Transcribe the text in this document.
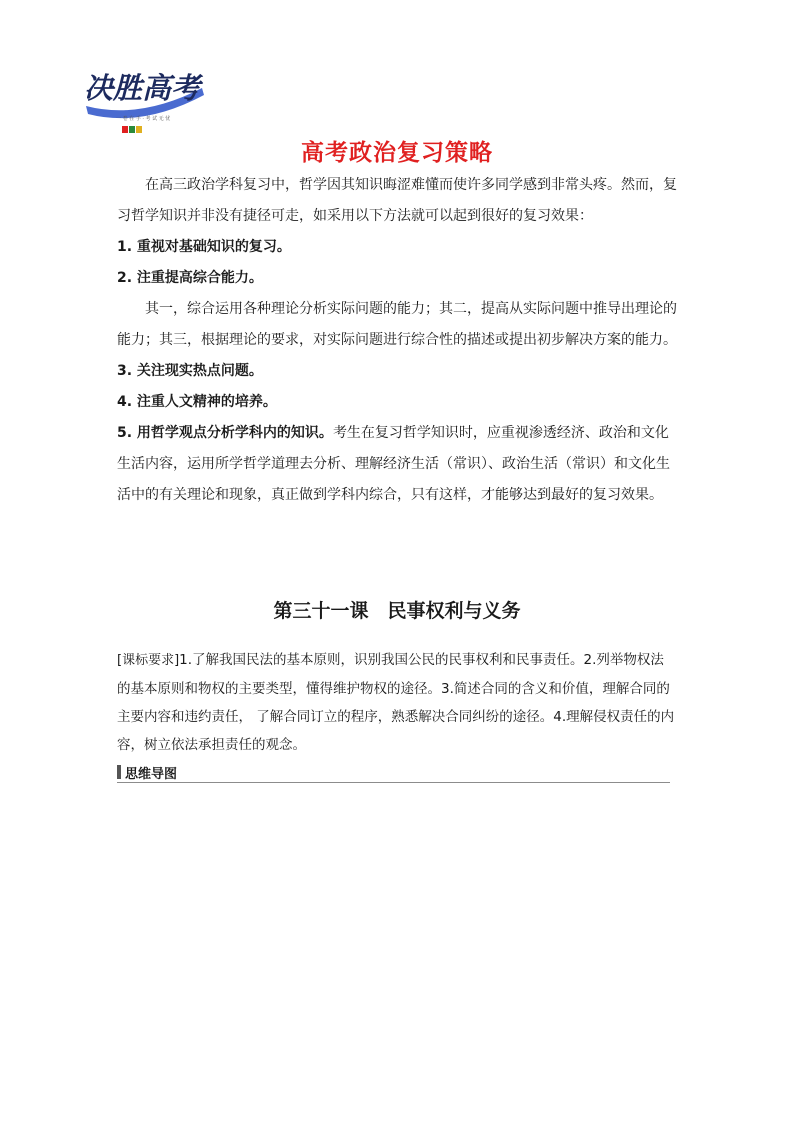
决胜高考
一 卷 在 手 · 考 试 无 忧
高考政治复习策略

在高三政治学科复习中，哲学因其知识晦涩难懂而使许多同学感到非常头疼。然而，复习哲学知识并非没有捷径可走，如采用以下方法就可以起到很好的复习效果：

1. 重视对基础知识的复习。

2. 注重提高综合能力。

其一，综合运用各种理论分析实际问题的能力；其二，提高从实际问题中推导出理论的能力；其三，根据理论的要求，对实际问题进行综合性的描述或提出初步解决方案的能力。

3. 关注现实热点问题。

4. 注重人文精神的培养。

5. 用哲学观点分析学科内的知识。考生在复习哲学知识时，应重视渗透经济、政治和文化生活内容，运用所学哲学道理去分析、理解经济生活（常识）、政治生活（常识）和文化生活中的有关理论和现象，真正做到学科内综合，只有这样，才能够达到最好的复习效果。

第三十一课　民事权利与义务

[课标要求]1.了解我国民法的基本原则，识别我国公民的民事权利和民事责任。2.列举物权法的基本原则和物权的主要类型，懂得维护物权的途径。3.简述合同的含义和价值，理解合同的主要内容和违约责任， 了解合同订立的程序，熟悉解决合同纠纷的途径。4.理解侵权责任的内容，树立依法承担责任的观念。

思维导图
